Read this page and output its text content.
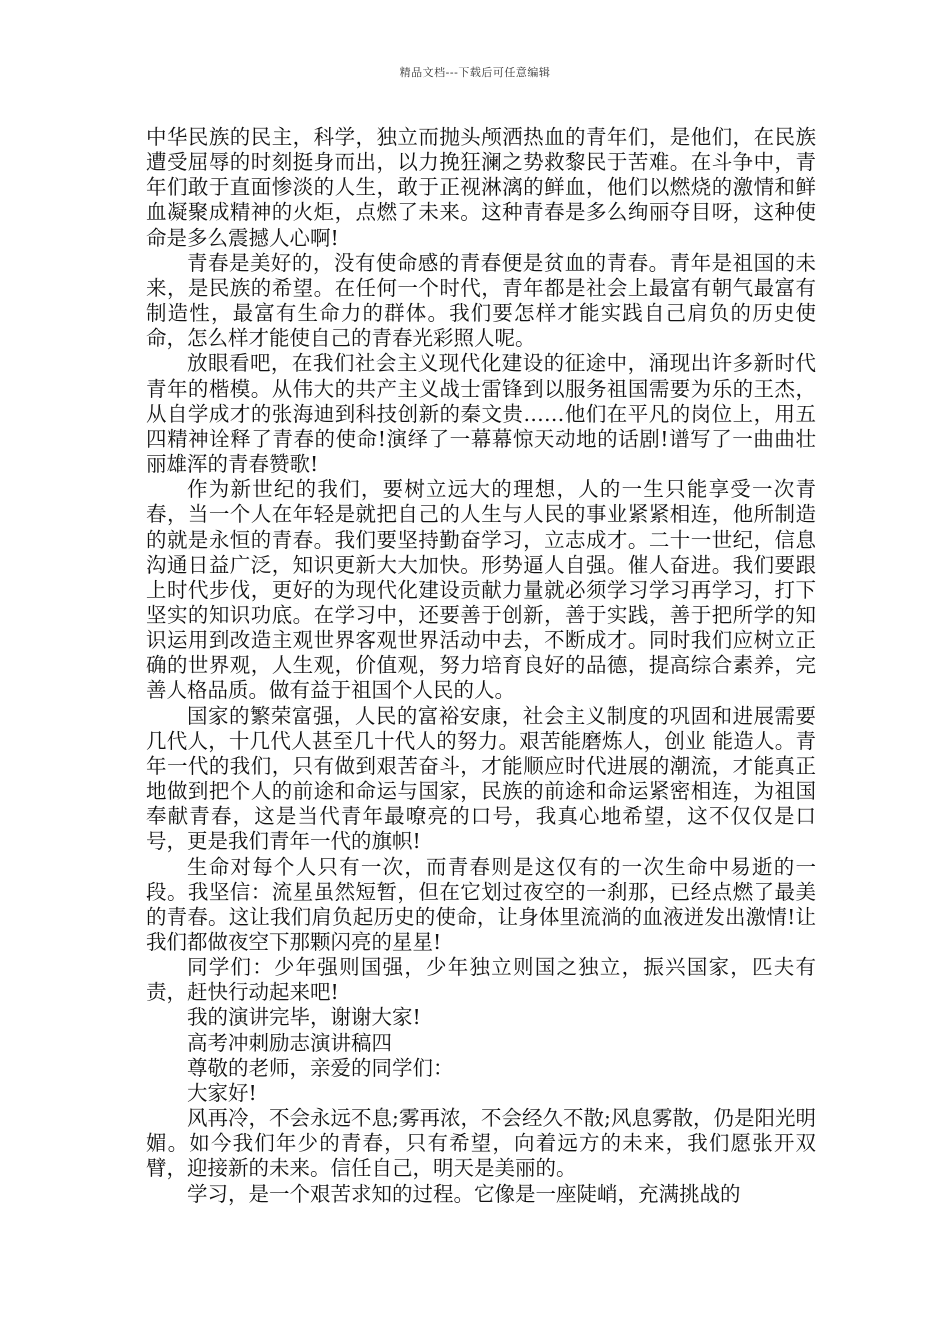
精品文档---下载后可任意编辑

中华民族的民主，科学，独立而抛头颅洒热血的青年们，是他们，在民族遭受屈辱的时刻挺身而出，以力挽狂澜之势救黎民于苦难。在斗争中，青年们敢于直面惨淡的人生，敢于正视淋漓的鲜血，他们以燃烧的激情和鲜血凝聚成精神的火炬，点燃了未来。这种青春是多么绚丽夺目呀，这种使命是多么震撼人心啊!

青春是美好的，没有使命感的青春便是贫血的青春。青年是祖国的未来，是民族的希望。在任何一个时代，青年都是社会上最富有朝气最富有制造性，最富有生命力的群体。我们要怎样才能实践自己肩负的历史使命，怎么样才能使自己的青春光彩照人呢。

放眼看吧，在我们社会主义现代化建设的征途中，涌现出许多新时代青年的楷模。从伟大的共产主义战士雷锋到以服务祖国需要为乐的王杰，从自学成才的张海迪到科技创新的秦文贵……他们在平凡的岗位上，用五四精神诠释了青春的使命!演绎了一幕幕惊天动地的话剧!谱写了一曲曲壮丽雄浑的青春赞歌!

作为新世纪的我们，要树立远大的理想，人的一生只能享受一次青春，当一个人在年轻是就把自己的人生与人民的事业紧紧相连，他所制造的就是永恒的青春。我们要坚持勤奋学习，立志成才。二十一世纪，信息沟通日益广泛，知识更新大大加快。形势逼人自强。催人奋进。我们要跟上时代步伐，更好的为现代化建设贡献力量就必须学习学习再学习，打下坚实的知识功底。在学习中，还要善于创新，善于实践，善于把所学的知识运用到改造主观世界客观世界活动中去，不断成才。同时我们应树立正确的世界观，人生观，价值观，努力培育良好的品德，提高综合素养，完善人格品质。做有益于祖国个人民的人。

国家的繁荣富强，人民的富裕安康，社会主义制度的巩固和进展需要几代人，十几代人甚至几十代人的努力。艰苦能磨炼人，创业 能造人。青年一代的我们，只有做到艰苦奋斗，才能顺应时代进展的潮流，才能真正地做到把个人的前途和命运与国家，民族的前途和命运紧密相连，为祖国奉献青春，这是当代青年最嘹亮的口号，我真心地希望，这不仅仅是口号，更是我们青年一代的旗帜!

生命对每个人只有一次，而青春则是这仅有的一次生命中易逝的一段。我坚信：流星虽然短暂，但在它划过夜空的一刹那，已经点燃了最美的青春。这让我们肩负起历史的使命，让身体里流淌的血液迸发出激情!让我们都做夜空下那颗闪亮的星星!

同学们：少年强则国强，少年独立则国之独立，振兴国家，匹夫有责，赶快行动起来吧!

我的演讲完毕，谢谢大家!

高考冲刺励志演讲稿四

尊敬的老师，亲爱的同学们：

大家好!

风再冷，不会永远不息;雾再浓，不会经久不散;风息雾散，仍是阳光明媚。如今我们年少的青春，只有希望，向着远方的未来，我们愿张开双臂，迎接新的未来。信任自己，明天是美丽的。

学习，是一个艰苦求知的过程。它像是一座陡峭，充满挑战的
